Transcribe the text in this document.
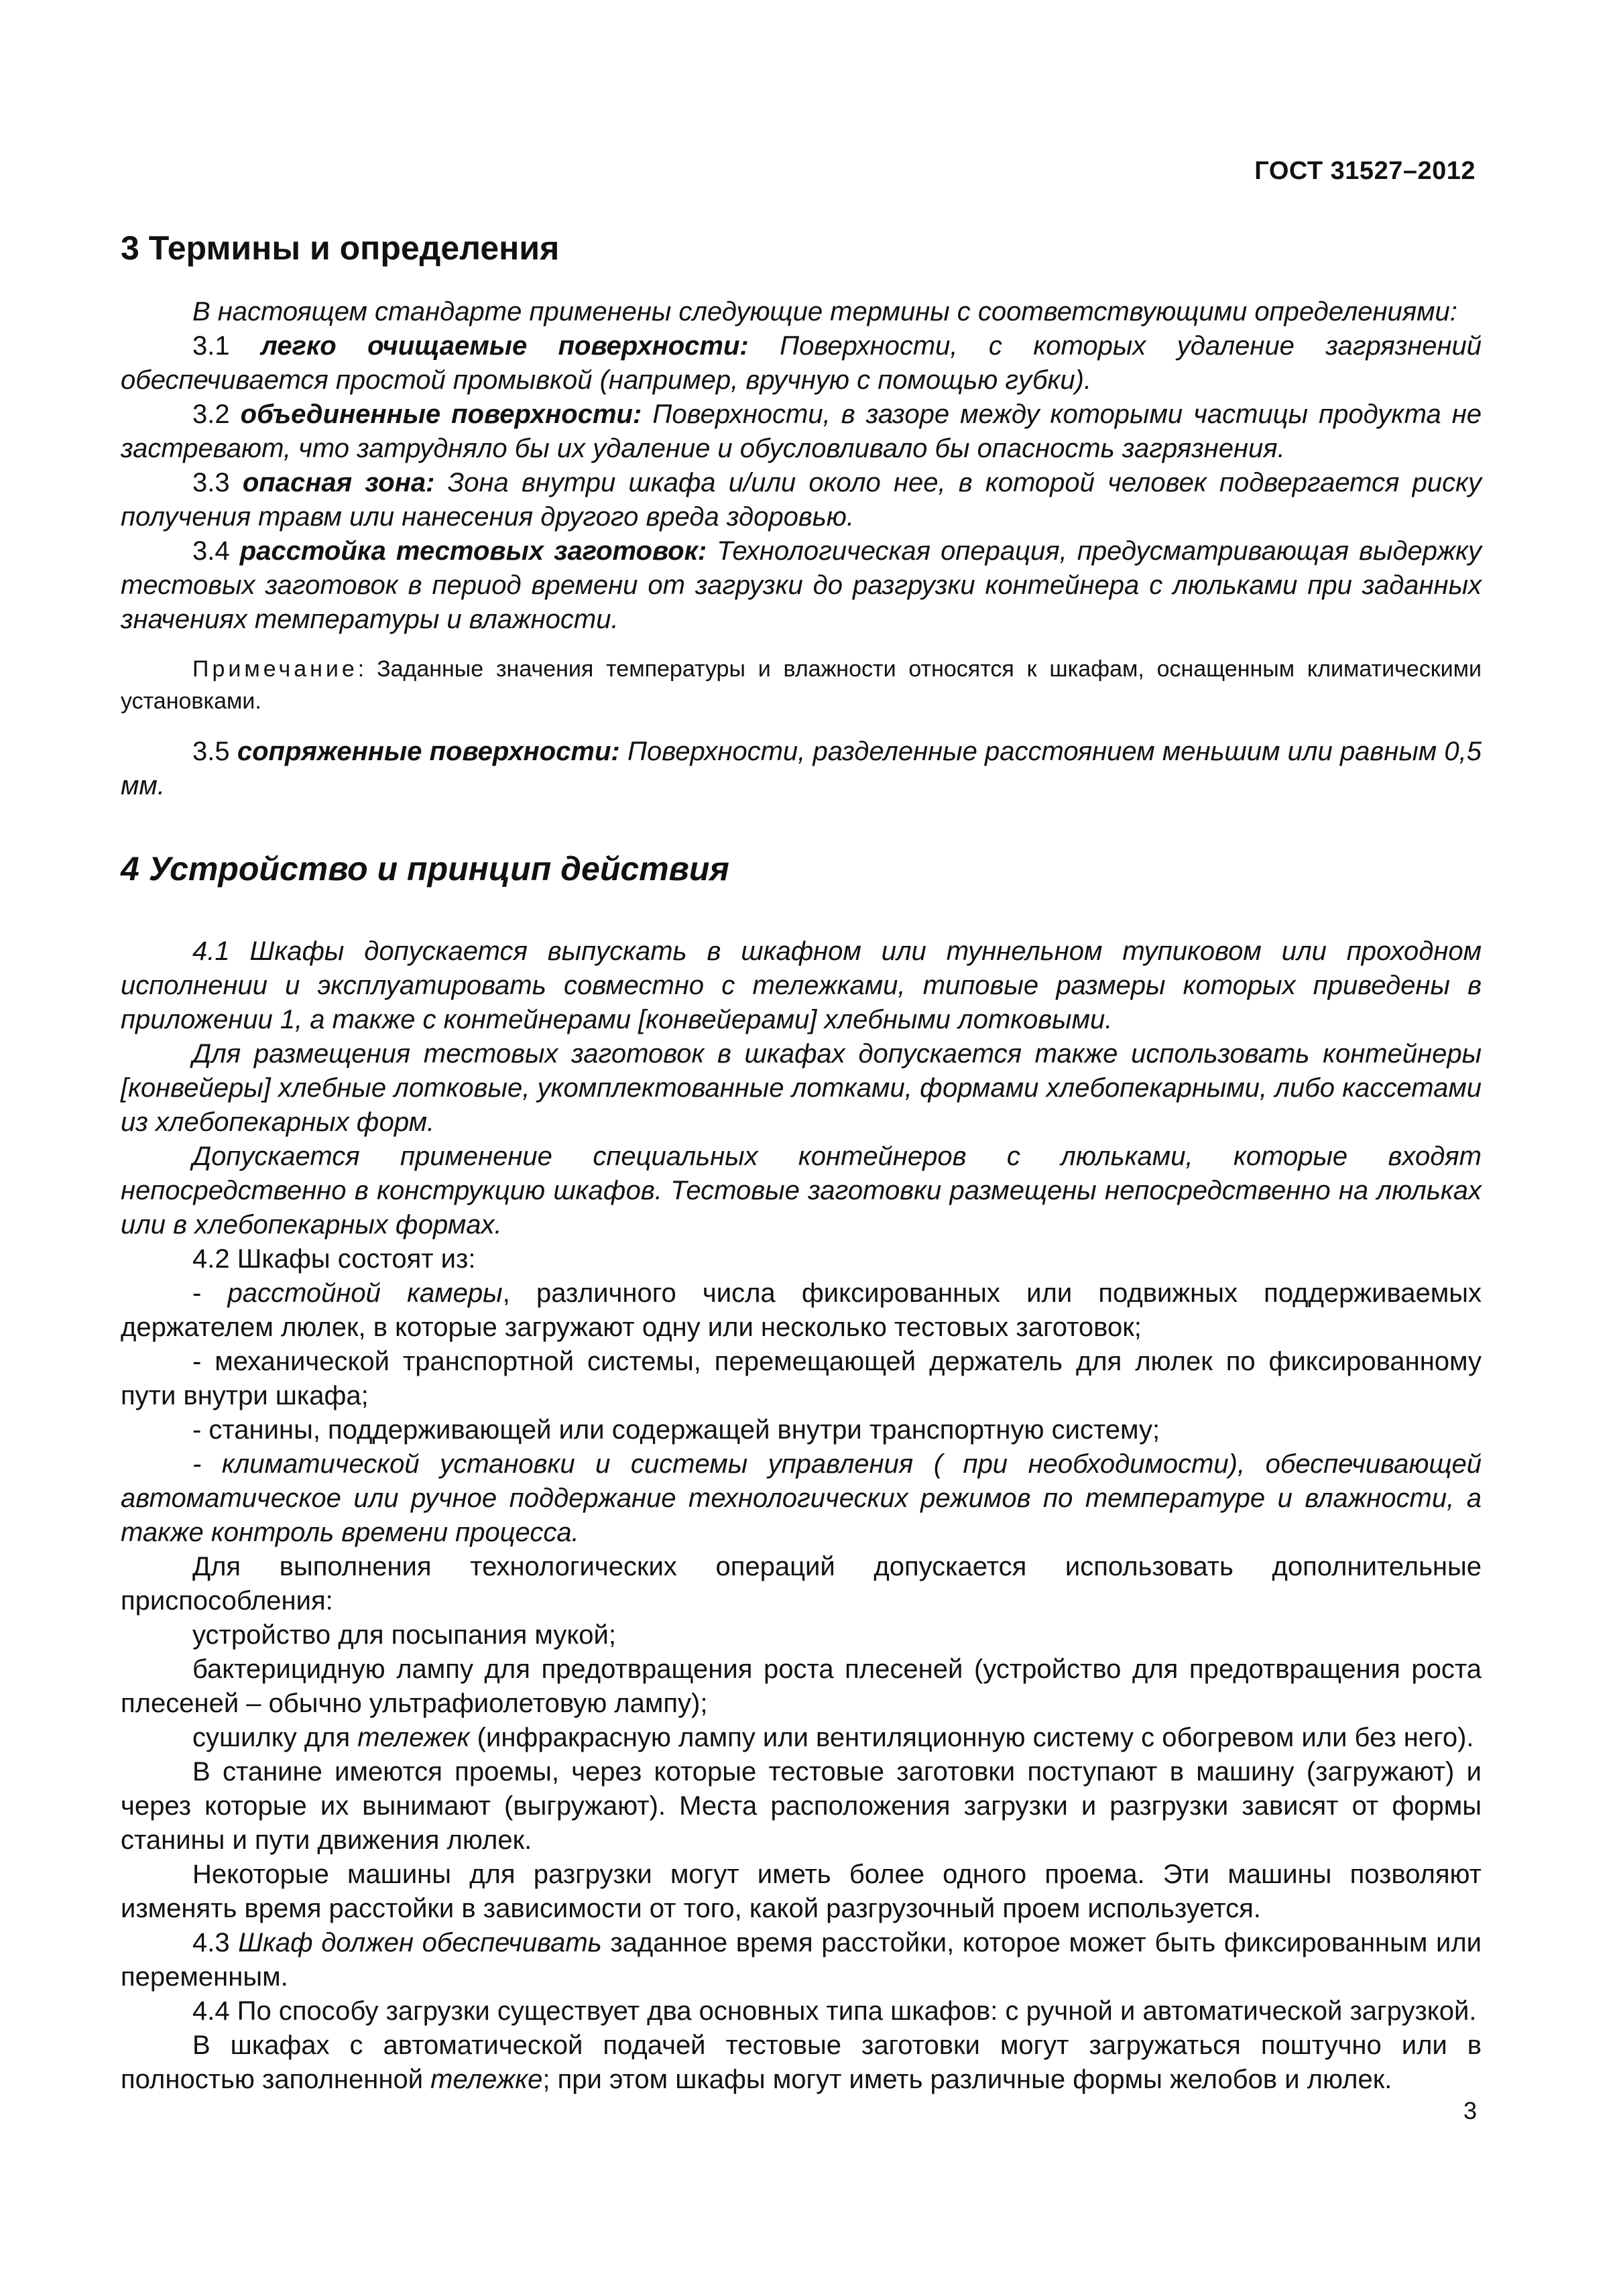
ГОСТ 31527–2012
3 Термины и определения

В настоящем стандарте применены следующие термины с соответствующими определениями:

3.1 легко очищаемые поверхности: Поверхности, с которых удаление загрязнений обеспечивается простой промывкой (например, вручную с помощью губки).

3.2 объединенные поверхности: Поверхности, в зазоре между которыми частицы продукта не застревают, что затрудняло бы их удаление и обусловливало бы опасность загрязнения.

3.3 опасная зона: Зона внутри шкафа и/или около нее, в которой человек подвергается риску получения травм или нанесения другого вреда здоровью.

3.4 расстойка тестовых заготовок: Технологическая операция, предусматривающая выдержку тестовых заготовок в период времени от загрузки до разгрузки контейнера с люльками при заданных значениях температуры и влажности.

Примечание: Заданные значения температуры и влажности относятся к шкафам, оснащенным климатическими установками.

3.5 сопряженные поверхности: Поверхности, разделенные расстоянием меньшим или равным 0,5 мм.

4 Устройство и принцип действия

4.1 Шкафы допускается выпускать в шкафном или туннельном тупиковом или проходном исполнении и эксплуатировать совместно с тележками, типовые размеры которых приведены в приложении 1, а также с контейнерами [конвейерами] хлебными лотковыми.

Для размещения тестовых заготовок в шкафах допускается также использовать контейнеры [конвейеры] хлебные лотковые, укомплектованные лотками, формами хлебопекарными, либо кассетами из хлебопекарных форм.

Допускается применение специальных контейнеров с люльками, которые входят непосредственно в конструкцию шкафов. Тестовые заготовки размещены непосредственно на люльках или в хлебопекарных формах.

4.2 Шкафы состоят из:

- расстойной камеры, различного числа фиксированных или подвижных поддерживаемых держателем люлек, в которые загружают одну или несколько тестовых заготовок;

- механической транспортной системы, перемещающей держатель для люлек по фиксированному пути внутри шкафа;

- станины, поддерживающей или содержащей внутри транспортную систему;

- климатической установки и системы управления ( при необходимости), обеспечивающей автоматическое или ручное поддержание технологических режимов по температуре и влажности, а также контроль времени процесса.

Для выполнения технологических операций допускается использовать дополнительные приспособления:

устройство для посыпания мукой;

бактерицидную лампу для предотвращения роста плесеней (устройство для предотвращения роста плесеней – обычно ультрафиолетовую лампу);

сушилку для тележек (инфракрасную лампу или вентиляционную систему с обогревом или без него).

В станине имеются проемы, через которые тестовые заготовки поступают в машину (загружают) и через которые их вынимают (выгружают). Места расположения загрузки и разгрузки зависят от формы станины и пути движения люлек.

Некоторые машины для разгрузки могут иметь более одного проема. Эти машины позволяют изменять время расстойки в зависимости от того, какой разгрузочный проем используется.

4.3 Шкаф должен обеспечивать заданное время расстойки, которое может быть фиксированным или переменным.

4.4 По способу загрузки существует два основных типа шкафов: с ручной и автоматической загрузкой.

В шкафах с автоматической подачей тестовые заготовки могут загружаться поштучно или в полностью заполненной тележке; при этом шкафы могут иметь различные формы желобов и люлек.

3
